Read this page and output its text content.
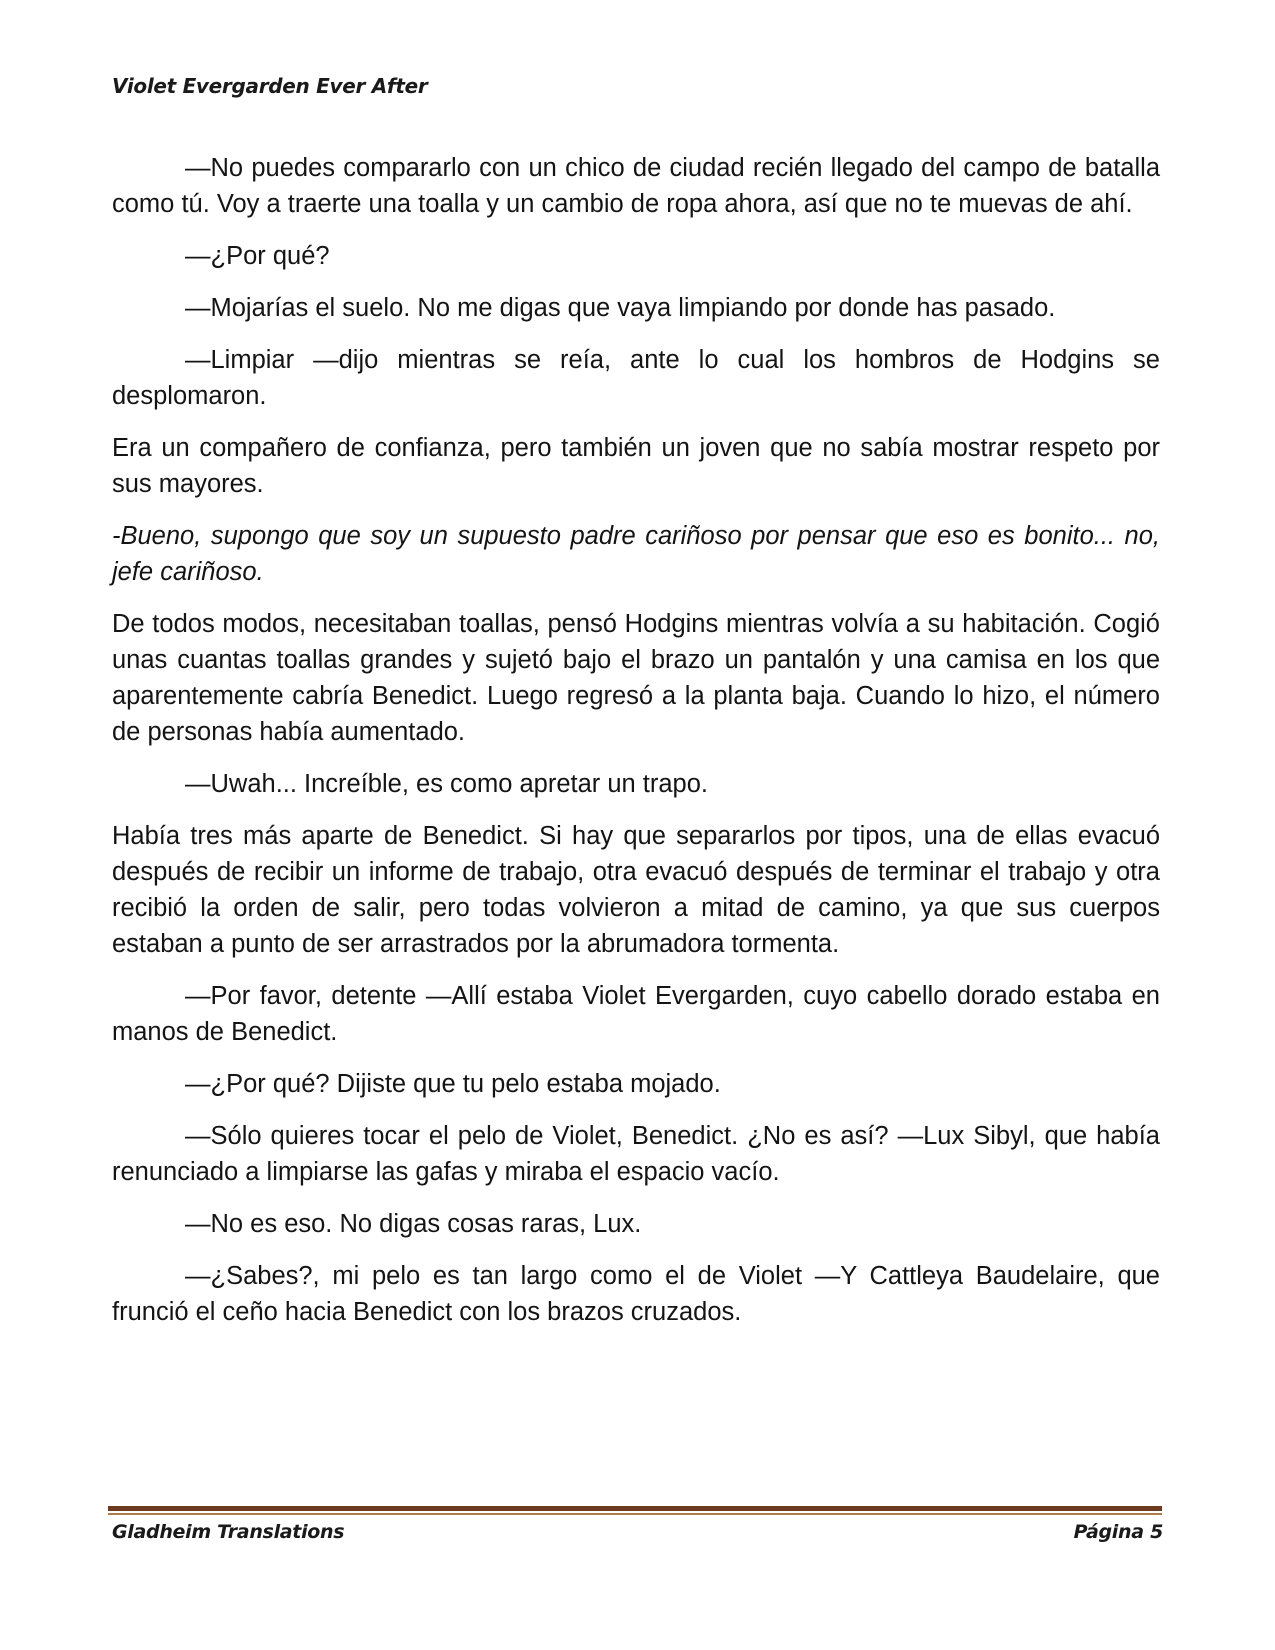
Violet Evergarden Ever After

—No puedes compararlo con un chico de ciudad recién llegado del campo de batalla como tú. Voy a traerte una toalla y un cambio de ropa ahora, así que no te muevas de ahí.

—¿Por qué?

—Mojarías el suelo. No me digas que vaya limpiando por donde has pasado.

—Limpiar —dijo mientras se reía, ante lo cual los hombros de Hodgins se desplomaron.

Era un compañero de confianza, pero también un joven que no sabía mostrar respeto por sus mayores.

-Bueno, supongo que soy un supuesto padre cariñoso por pensar que eso es bonito... no, jefe cariñoso.

De todos modos, necesitaban toallas, pensó Hodgins mientras volvía a su habitación. Cogió unas cuantas toallas grandes y sujetó bajo el brazo un pantalón y una camisa en los que aparentemente cabría Benedict. Luego regresó a la planta baja. Cuando lo hizo, el número de personas había aumentado.

—Uwah... Increíble, es como apretar un trapo.

Había tres más aparte de Benedict. Si hay que separarlos por tipos, una de ellas evacuó después de recibir un informe de trabajo, otra evacuó después de terminar el trabajo y otra recibió la orden de salir, pero todas volvieron a mitad de camino, ya que sus cuerpos estaban a punto de ser arrastrados por la abrumadora tormenta.

—Por favor, detente —Allí estaba Violet Evergarden, cuyo cabello dorado estaba en manos de Benedict.

—¿Por qué? Dijiste que tu pelo estaba mojado.

—Sólo quieres tocar el pelo de Violet, Benedict. ¿No es así? —Lux Sibyl, que había renunciado a limpiarse las gafas y miraba el espacio vacío.

—No es eso. No digas cosas raras, Lux.

—¿Sabes?, mi pelo es tan largo como el de Violet —Y Cattleya Baudelaire, que frunció el ceño hacia Benedict con los brazos cruzados.

Gladheim Translations	Página 5
